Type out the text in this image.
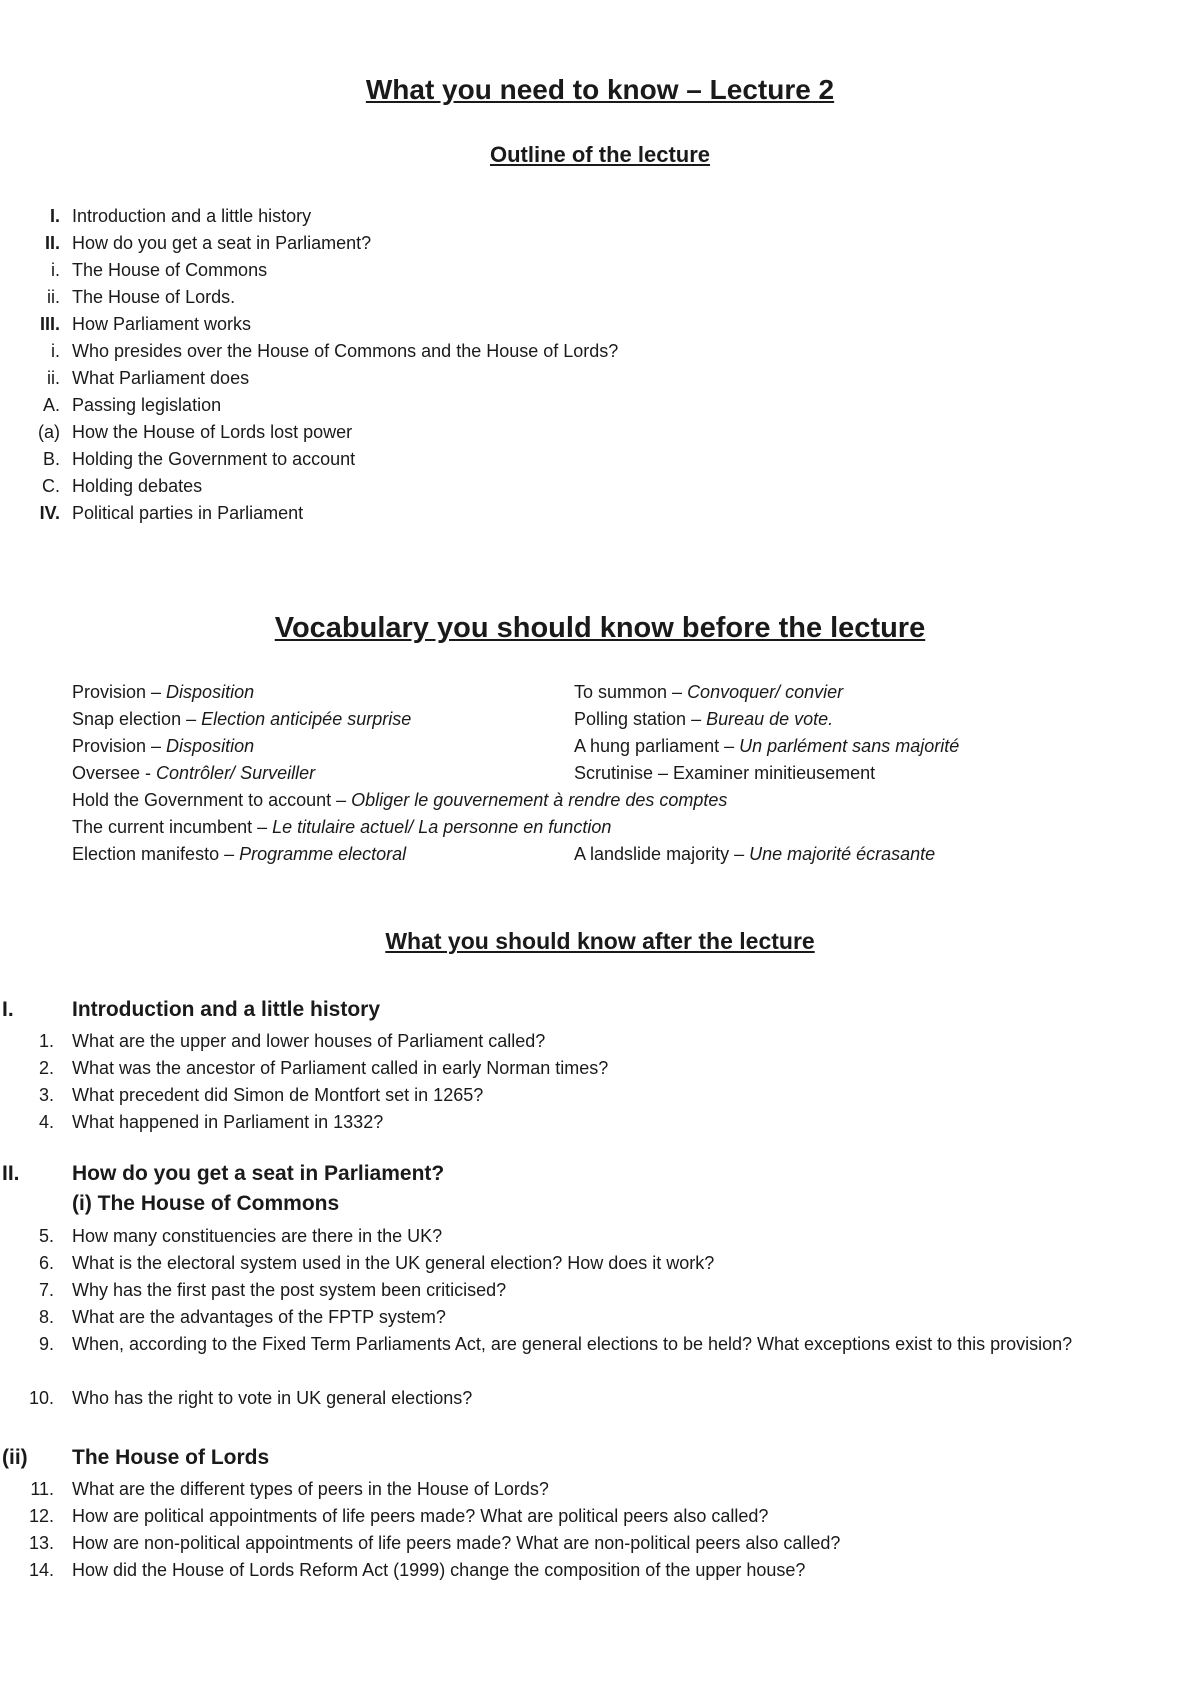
What you need to know – Lecture 2
Outline of the lecture
I. Introduction and a little history
II. How do you get a seat in Parliament?
i. The House of Commons
ii. The House of Lords.
III. How Parliament works
i. Who presides over the House of Commons and the House of Lords?
ii. What Parliament does
A. Passing legislation
(a) How the House of Lords lost power
B. Holding the Government to account
C. Holding debates
IV. Political parties in Parliament
Vocabulary you should know before the lecture
Provision – Disposition	To summon – Convoquer/ convier
Snap election – Election anticipée surprise	Polling station – Bureau de vote.
Provision – Disposition	A hung parliament – Un parlément sans majorité
Oversee - Contrôler/ Surveiller	Scrutinise – Examiner minitieusement
Hold the Government to account – Obliger le gouvernement à rendre des comptes
The current incumbent – Le titulaire actuel/ La personne en function
Election manifesto – Programme electoral	A landslide majority – Une majorité écrasante
What you should know after the lecture
I.	Introduction and a little history
1. What are the upper and lower houses of Parliament called?
2. What was the ancestor of Parliament called in early Norman times?
3. What precedent did Simon de Montfort set in 1265?
4. What happened in Parliament in 1332?
II. How do you get a seat in Parliament?
(i) The House of Commons
5. How many constituencies are there in the UK?
6. What is the electoral system used in the UK general election? How does it work?
7. Why has the first past the post system been criticised?
8. What are the advantages of the FPTP system?
9. When, according to the Fixed Term Parliaments Act, are general elections to be held? What exceptions exist to this provision?
10. Who has the right to vote in UK general elections?
(ii) The House of Lords
11. What are the different types of peers in the House of Lords?
12. How are political appointments of life peers made? What are political peers also called?
13. How are non-political appointments of life peers made? What are non-political peers also called?
14. How did the House of Lords Reform Act (1999) change the composition of the upper house?
